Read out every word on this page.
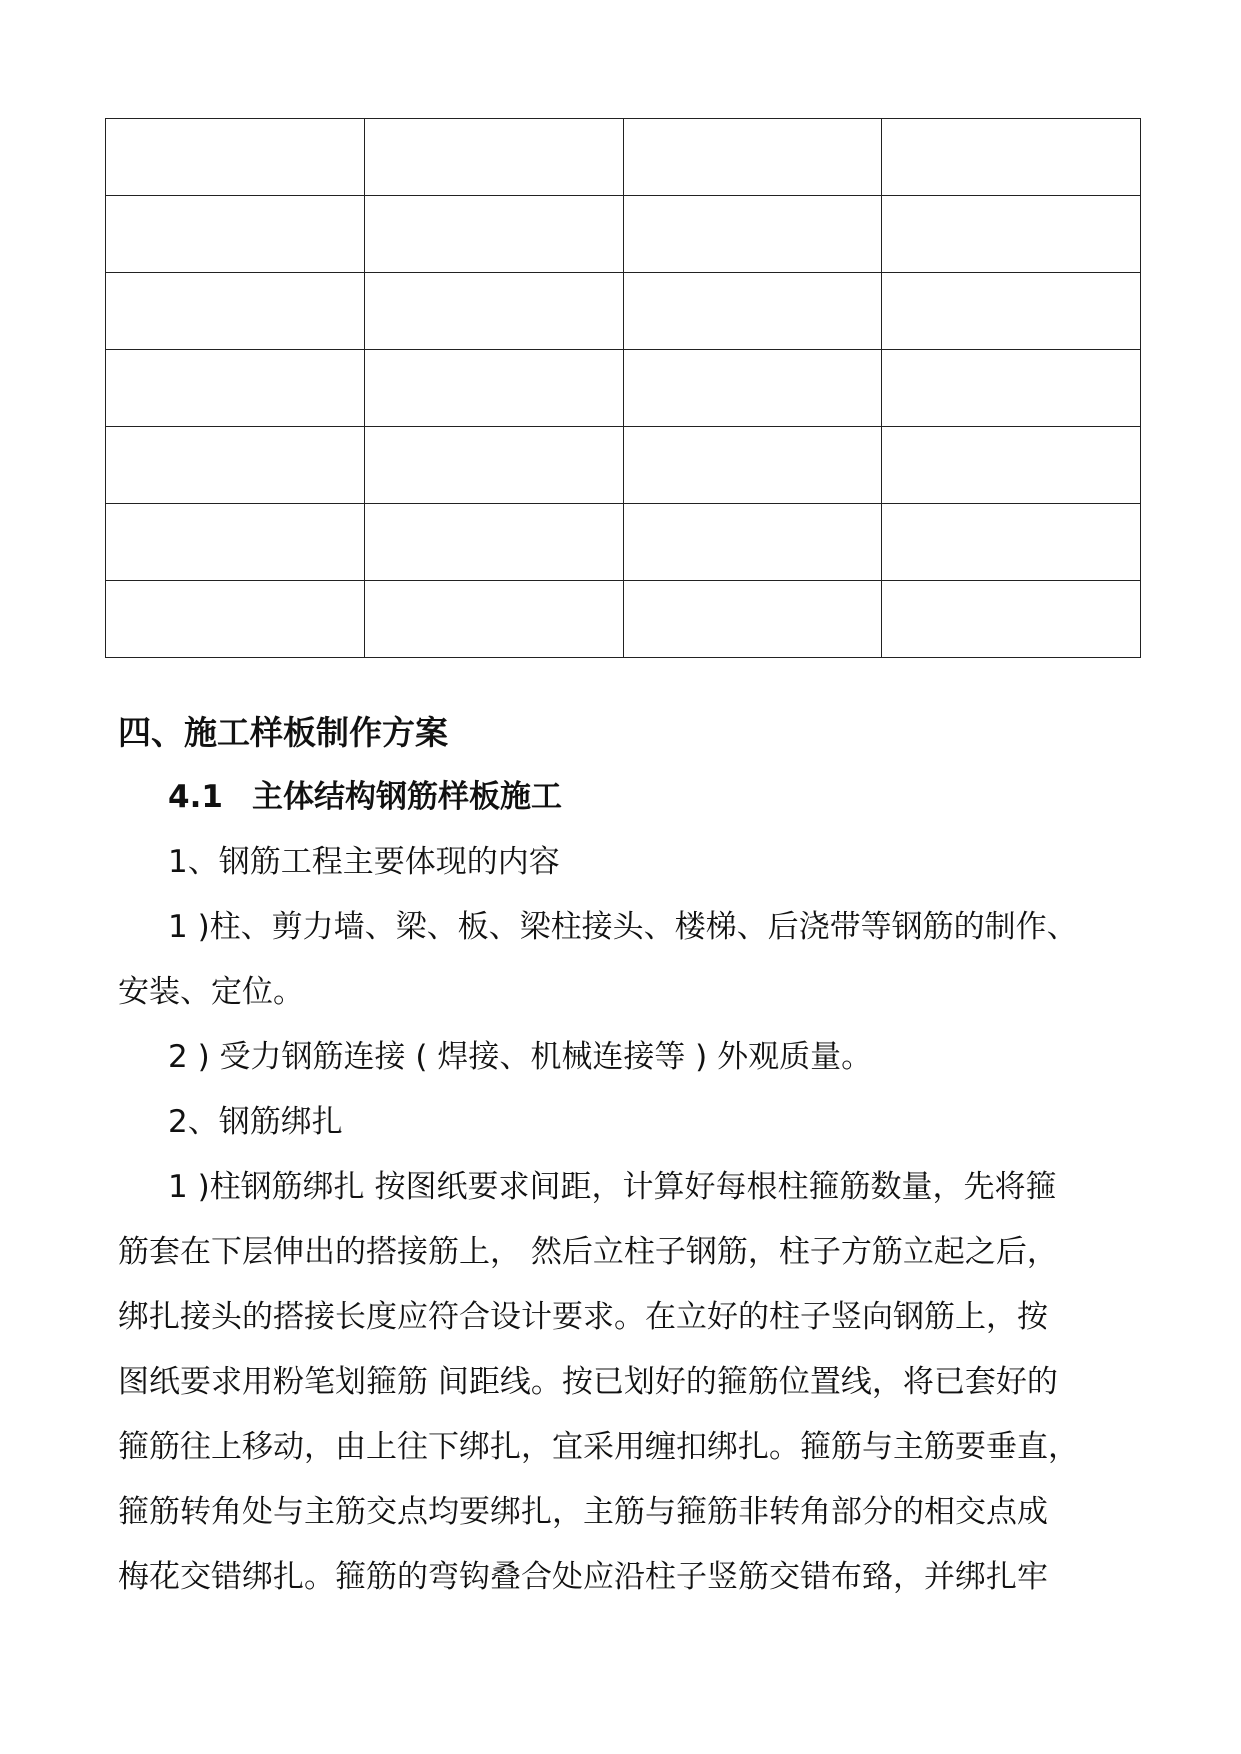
四、施工样板制作方案
4.1 主体结构钢筋样板施工
1、钢筋工程主要体现的内容
1 )柱、剪力墙、梁、板、梁柱接头、楼梯、后浇带等钢筋的制作、
安装、定位。
2 ) 受力钢筋连接 ( 焊接、机械连接等 ) 外观质量。
2、钢筋绑扎
1 )柱钢筋绑扎 按图纸要求间距，计算好每根柱箍筋数量，先将箍
筋套在下层伸出的搭接筋上， 然后立柱子钢筋，柱子方筋立起之后，
绑扎接头的搭接长度应符合设计要求。在立好的柱子竖向钢筋上，按
图纸要求用粉笔划箍筋 间距线。按已划好的箍筋位置线，将已套好的
箍筋往上移动，由上往下绑扎，宜采用缠扣绑扎。箍筋与主筋要垂直，
箍筋转角处与主筋交点均要绑扎，主筋与箍筋非转角部分的相交点成
梅花交错绑扎。箍筋的弯钩叠合处应沿柱子竖筋交错布臵，并绑扎牢
